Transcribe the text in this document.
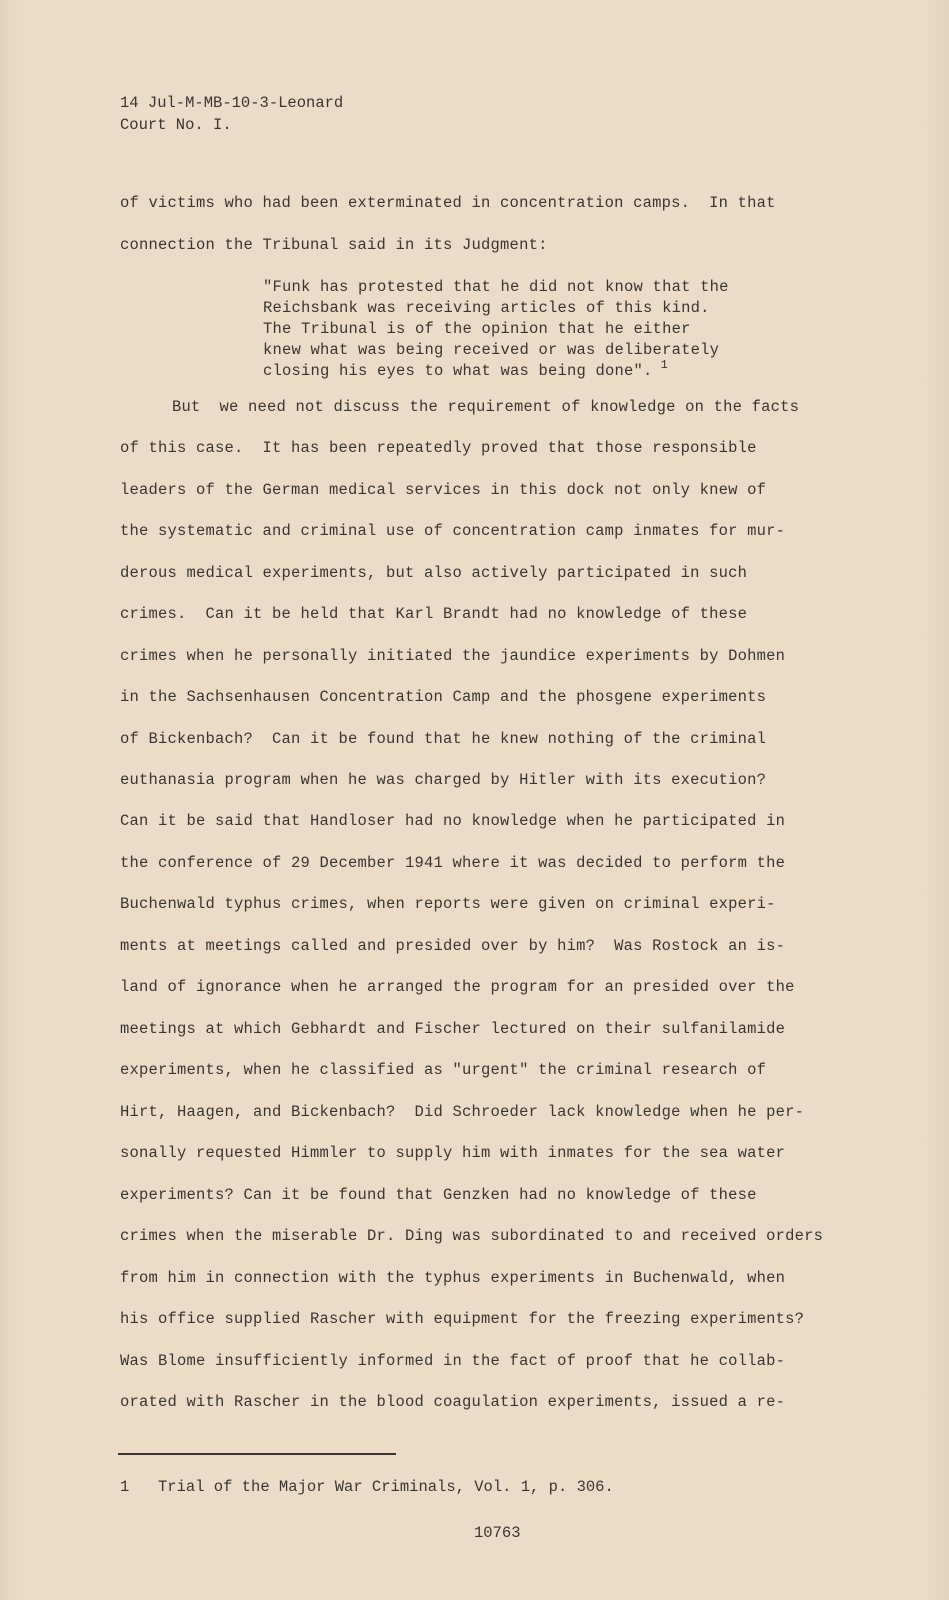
14 Jul-M-MB-10-3-Leonard
Court No. I.
of victims who had been exterminated in concentration camps.  In that
connection the Tribunal said in its Judgment:
"Funk has protested that he did not know that the
Reichsbank was receiving articles of this kind.
The Tribunal is of the opinion that he either
knew what was being received or was deliberately
closing his eyes to what was being done". $^1$
But  we need not discuss the requirement of knowledge on the facts
of this case.  It has been repeatedly proved that those responsible
leaders of the German medical services in this dock not only knew of
the systematic and criminal use of concentration camp inmates for mur-
derous medical experiments, but also actively participated in such
crimes.  Can it be held that Karl Brandt had no knowledge of these
crimes when he personally initiated the jaundice experiments by Dohmen
in the Sachsenhausen Concentration Camp and the phosgene experiments
of Bickenbach?  Can it be found that he knew nothing of the criminal
euthanasia program when he was charged by Hitler with its execution?
Can it be said that Handloser had no knowledge when he participated in
the conference of 29 December 1941 where it was decided to perform the
Buchenwald typhus crimes, when reports were given on criminal experi-
ments at meetings called and presided over by him?  Was Rostock an is-
land of ignorance when he arranged the program for an presided over the
meetings at which Gebhardt and Fischer lectured on their sulfanilamide
experiments, when he classified as "urgent" the criminal research of
Hirt, Haagen, and Bickenbach?  Did Schroeder lack knowledge when he per-
sonally requested Himmler to supply him with inmates for the sea water
experiments? Can it be found that Genzken had no knowledge of these
crimes when the miserable Dr. Ding was subordinated to and received orders
from him in connection with the typhus experiments in Buchenwald, when
his office supplied Rascher with equipment for the freezing experiments?
Was Blome insufficiently informed in the fact of proof that he collab-
orated with Rascher in the blood coagulation experiments, issued a re-
1 Trial of the Major War Criminals, Vol. 1, p. 306.
10763
